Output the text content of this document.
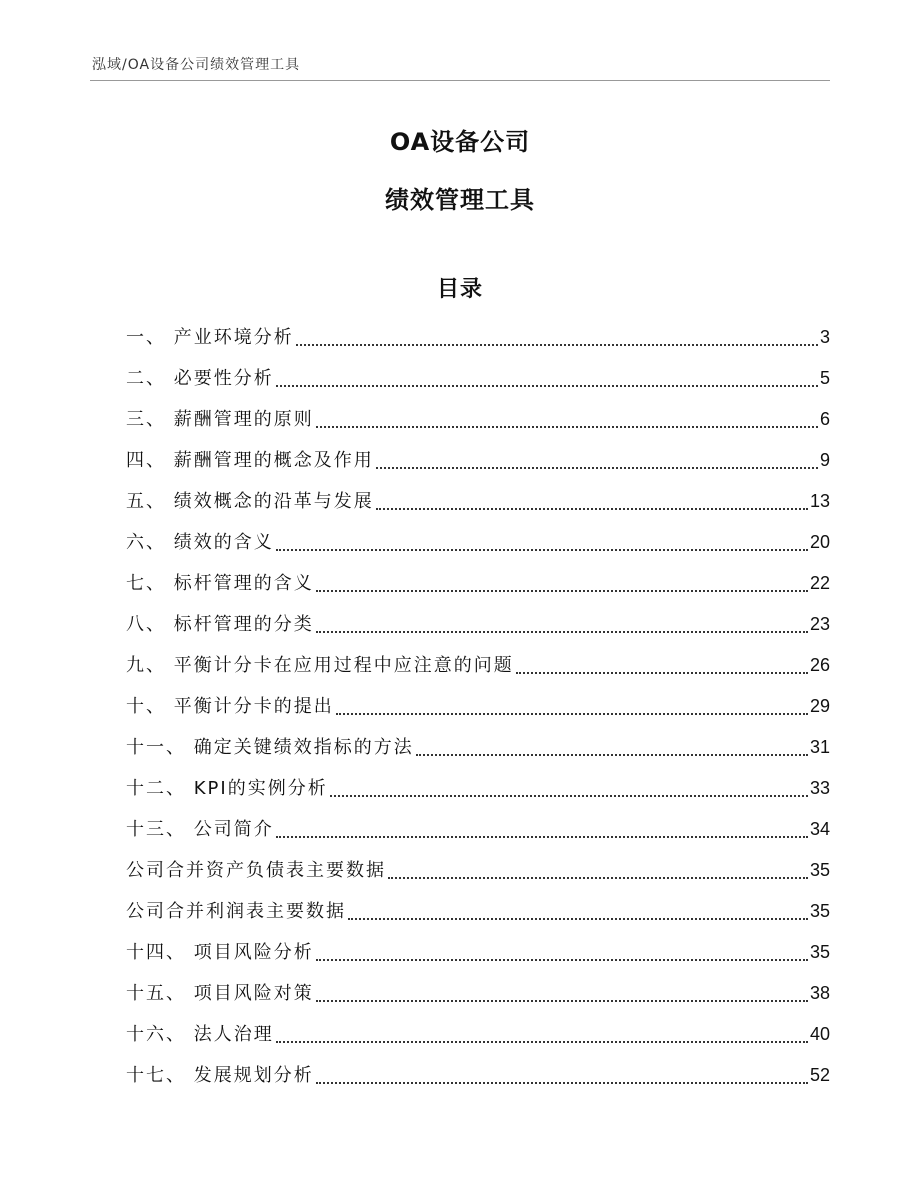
泓域/OA设备公司绩效管理工具
OA设备公司
绩效管理工具
目录
一、 产业环境分析	3
二、 必要性分析	5
三、 薪酬管理的原则	6
四、 薪酬管理的概念及作用	9
五、 绩效概念的沿革与发展	13
六、 绩效的含义	20
七、 标杆管理的含义	22
八、 标杆管理的分类	23
九、 平衡计分卡在应用过程中应注意的问题	26
十、 平衡计分卡的提出	29
十一、 确定关键绩效指标的方法	31
十二、 KPI的实例分析	33
十三、 公司简介	34
公司合并资产负债表主要数据	35
公司合并利润表主要数据	35
十四、 项目风险分析	35
十五、 项目风险对策	38
十六、 法人治理	40
十七、 发展规划分析	52
